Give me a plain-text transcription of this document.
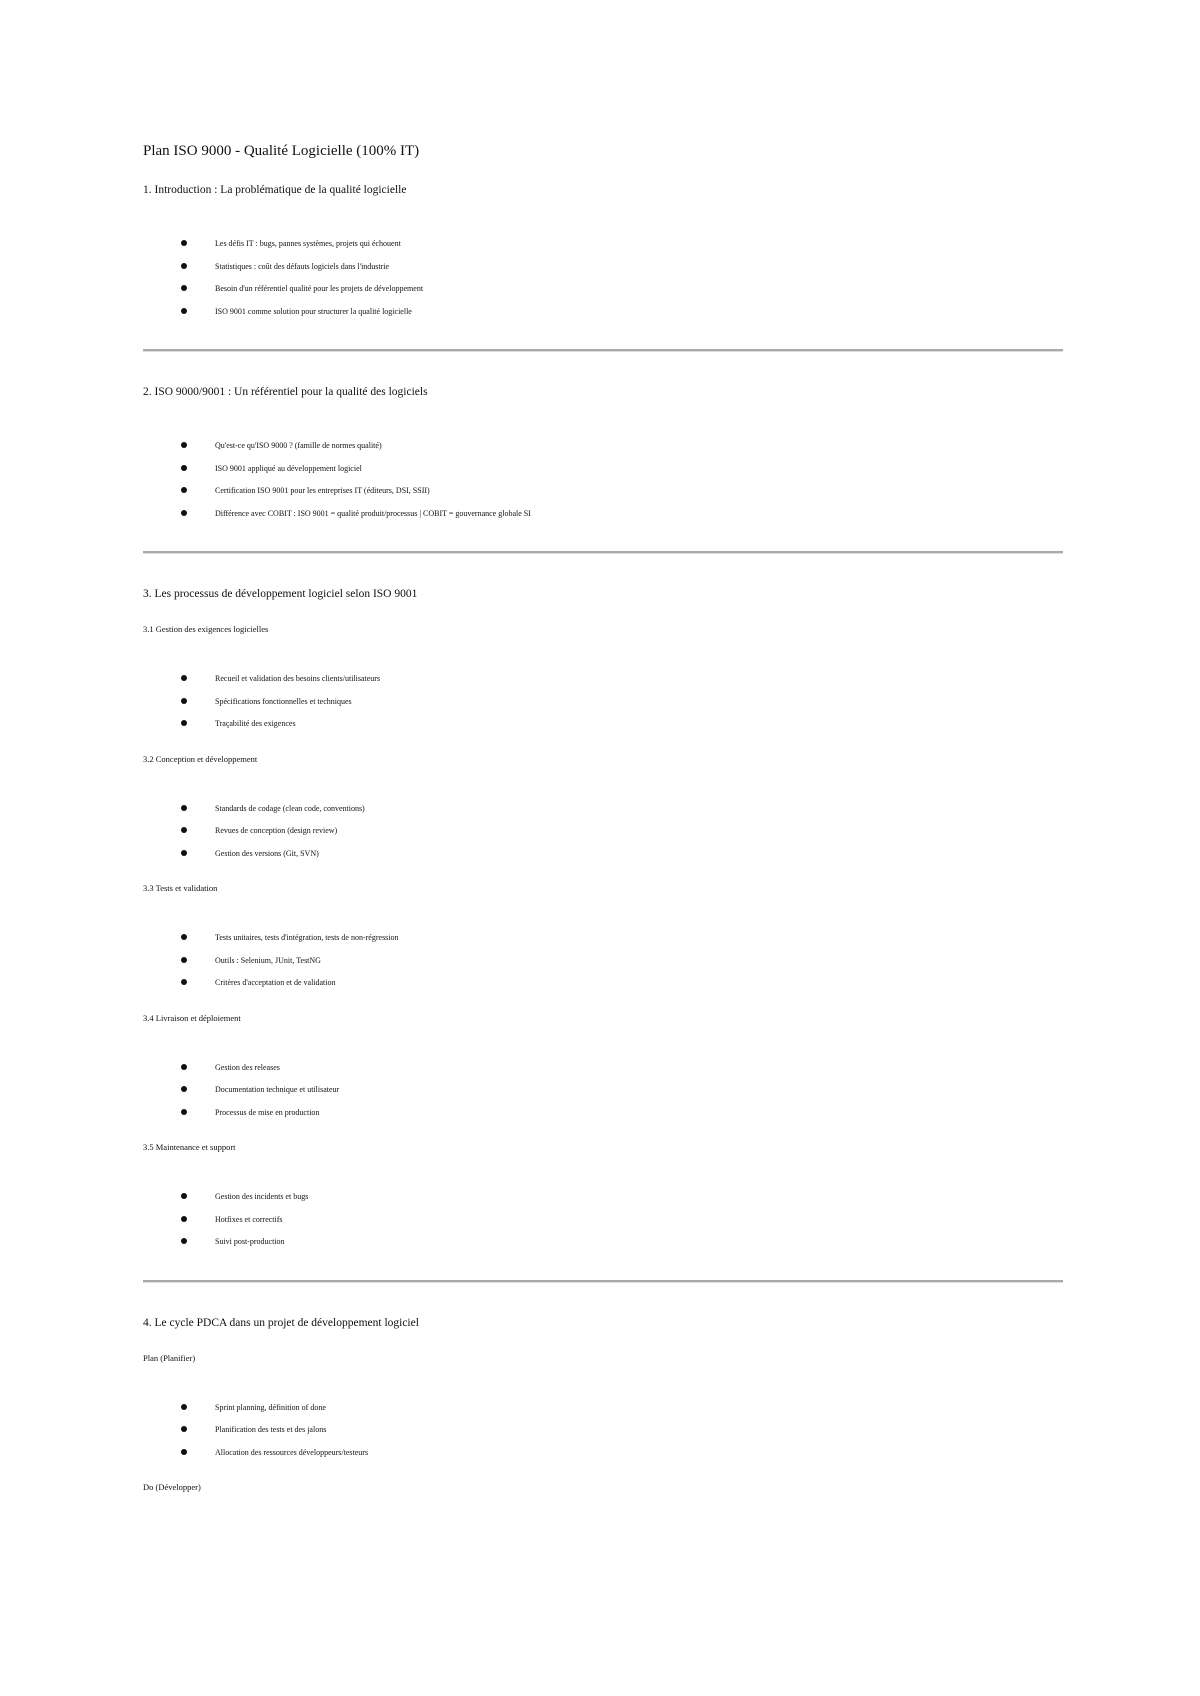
Plan ISO 9000 - Qualité Logicielle (100% IT)
1. Introduction : La problématique de la qualité logicielle
Les défis IT : bugs, pannes systèmes, projets qui échouent
Statistiques : coût des défauts logiciels dans l'industrie
Besoin d'un référentiel qualité pour les projets de développement
ISO 9001 comme solution pour structurer la qualité logicielle
2. ISO 9000/9001 : Un référentiel pour la qualité des logiciels
Qu'est-ce qu'ISO 9000 ? (famille de normes qualité)
ISO 9001 appliqué au développement logiciel
Certification ISO 9001 pour les entreprises IT (éditeurs, DSI, SSII)
Différence avec COBIT : ISO 9001 = qualité produit/processus | COBIT = gouvernance globale SI
3. Les processus de développement logiciel selon ISO 9001
3.1 Gestion des exigences logicielles
Recueil et validation des besoins clients/utilisateurs
Spécifications fonctionnelles et techniques
Traçabilité des exigences
3.2 Conception et développement
Standards de codage (clean code, conventions)
Revues de conception (design review)
Gestion des versions (Git, SVN)
3.3 Tests et validation
Tests unitaires, tests d'intégration, tests de non-régression
Outils : Selenium, JUnit, TestNG
Critères d'acceptation et de validation
3.4 Livraison et déploiement
Gestion des releases
Documentation technique et utilisateur
Processus de mise en production
3.5 Maintenance et support
Gestion des incidents et bugs
Hotfixes et correctifs
Suivi post-production
4. Le cycle PDCA dans un projet de développement logiciel
Plan (Planifier)
Sprint planning, définition of done
Planification des tests et des jalons
Allocation des ressources développeurs/testeurs
Do (Développer)
